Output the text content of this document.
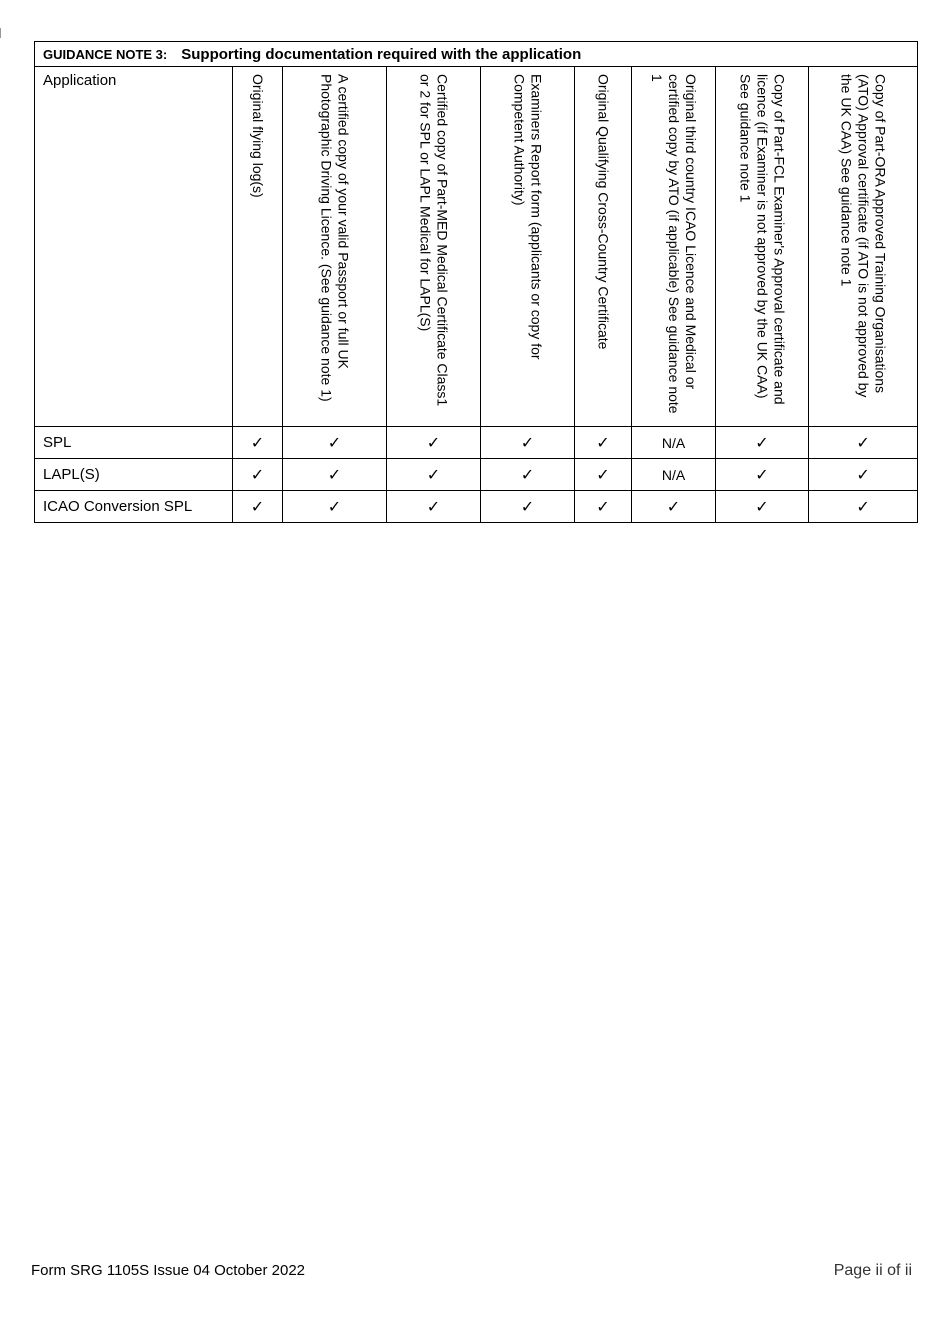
GUIDANCE NOTE 3: Supporting documentation required with the application								
Application	Original flying log(s)	A certified copy of your valid Passport or full UK Photographic Driving Licence. (See guidance note 1)	Certified copy of Part-MED Medical Certificate Class1 or 2 for SPL or LAPL Medical for LAPL(S)	Examiners Report form (applicants or copy for Competent Authority)	Original Qualifying Cross-Country Certificate	Original third country ICAO Licence and Medical or certified copy by ATO (if applicable) See guidance note 1	Copy of Part-FCL Examiner's Approval certificate and licence (if Examiner is not approved by the UK CAA) See guidance note 1	Copy of Part-ORA Approved Training Organisations (ATO) Approval certificate (if ATO is not approved by the UK CAA) See guidance note 1

SPL	✓	✓	✓	✓	✓	N/A	✓	✓
LAPL(S)	✓	✓	✓	✓	✓	N/A	✓	✓
ICAO Conversion SPL	✓	✓	✓	✓	✓	✓	✓	✓
Form SRG 1105S Issue 04 October 2022	Page ii of ii
